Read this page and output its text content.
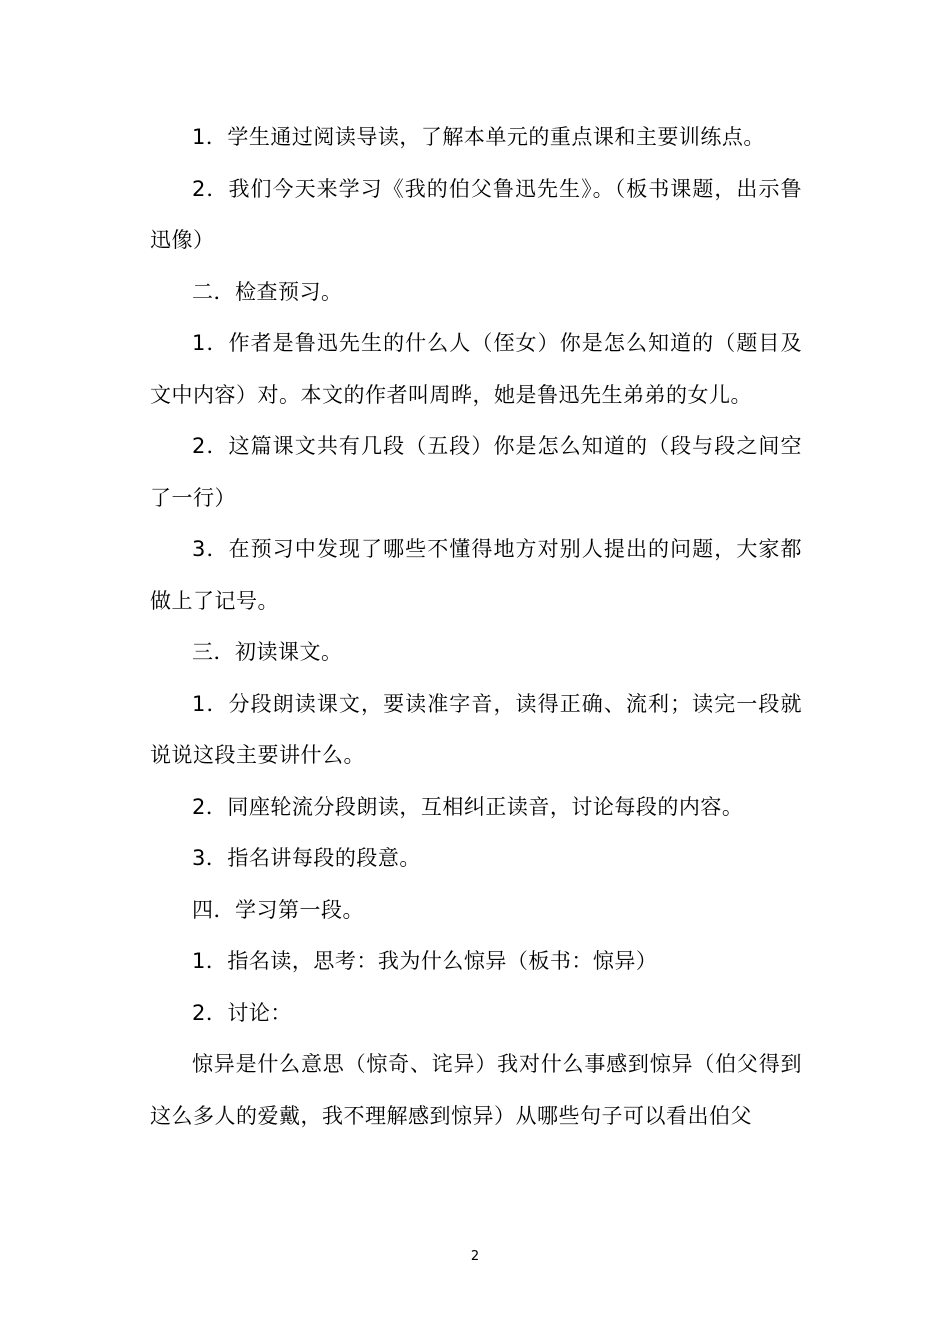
1．学生通过阅读导读，了解本单元的重点课和主要训练点。

2．我们今天来学习《我的伯父鲁迅先生》。（板书课题，出示鲁迅像）

二．检查预习。

1．作者是鲁迅先生的什么人（侄女）你是怎么知道的（题目及文中内容）对。本文的作者叫周晔，她是鲁迅先生弟弟的女儿。

2．这篇课文共有几段（五段）你是怎么知道的（段与段之间空了一行）

3．在预习中发现了哪些不懂得地方对别人提出的问题，大家都做上了记号。

三．初读课文。

1．分段朗读课文，要读准字音，读得正确、流利；读完一段就说说这段主要讲什么。

2．同座轮流分段朗读，互相纠正读音，讨论每段的内容。

3．指名讲每段的段意。

四．学习第一段。

1．指名读，思考：我为什么惊异（板书：惊异）

2．讨论：

惊异是什么意思（惊奇、诧异）我对什么事感到惊异（伯父得到这么多人的爱戴，我不理解感到惊异）从哪些句子可以看出伯父

2
